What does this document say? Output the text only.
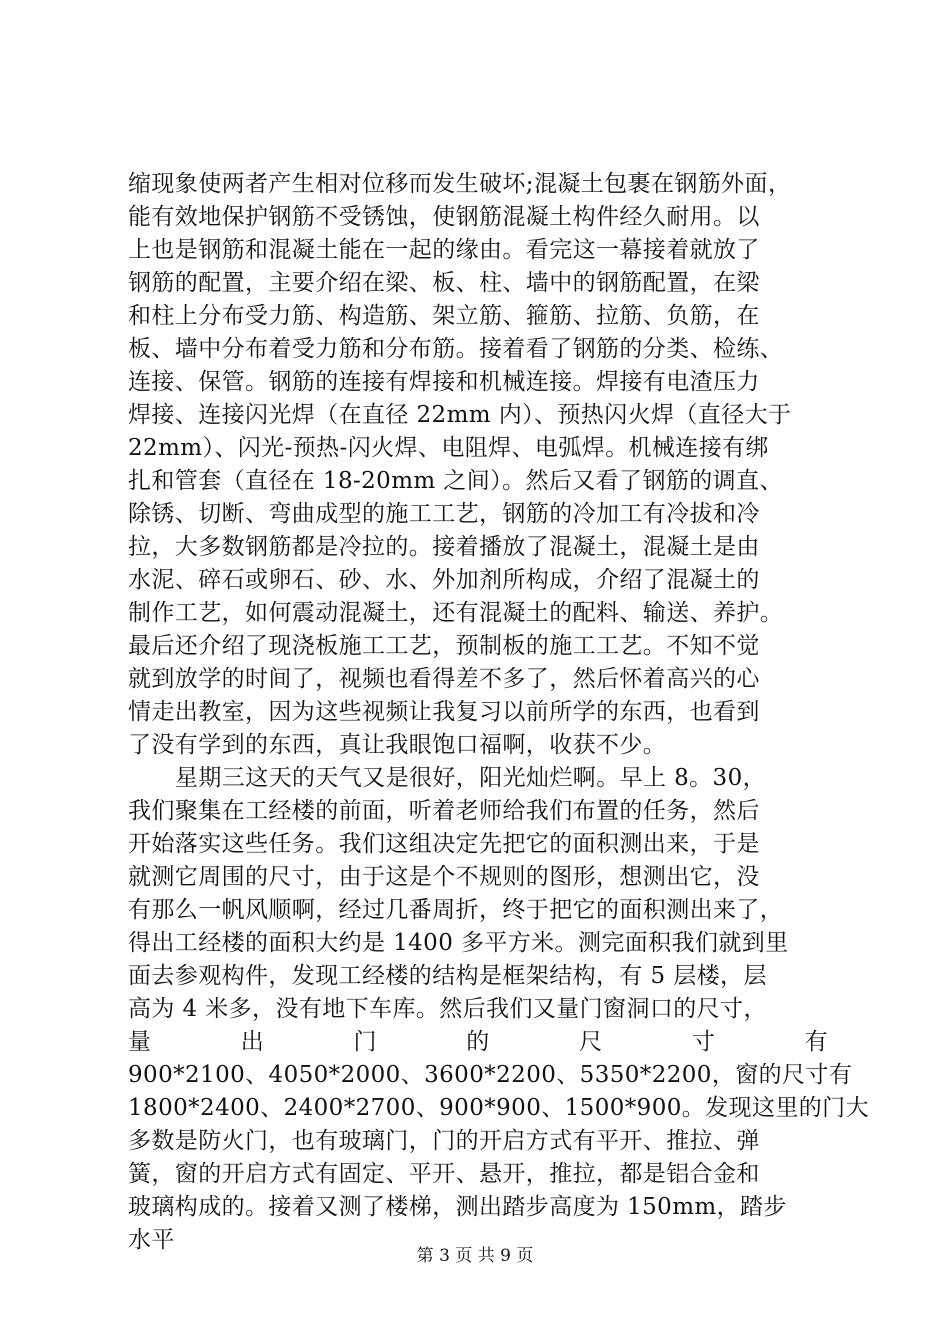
缩现象使两者产生相对位移而发生破坏;混凝土包裹在钢筋外面，
能有效地保护钢筋不受锈蚀，使钢筋混凝土构件经久耐用。以
上也是钢筋和混凝土能在一起的缘由。看完这一幕接着就放了
钢筋的配置，主要介绍在梁、板、柱、墙中的钢筋配置，在梁
和柱上分布受力筋、构造筋、架立筋、箍筋、拉筋、负筋，在
板、墙中分布着受力筋和分布筋。接着看了钢筋的分类、检练、
连接、保管。钢筋的连接有焊接和机械连接。焊接有电渣压力
焊接、连接闪光焊（在直径 22mm 内）、预热闪火焊（直径大于
22mm）、闪光-预热-闪火焊、电阻焊、电弧焊。机械连接有绑
扎和管套（直径在 18-20mm 之间）。然后又看了钢筋的调直、
除锈、切断、弯曲成型的施工工艺，钢筋的冷加工有冷拔和冷
拉，大多数钢筋都是冷拉的。接着播放了混凝土，混凝土是由
水泥、碎石或卵石、砂、水、外加剂所构成，介绍了混凝土的
制作工艺，如何震动混凝土，还有混凝土的配料、输送、养护。
最后还介绍了现浇板施工工艺，预制板的施工工艺。不知不觉
就到放学的时间了，视频也看得差不多了，然后怀着高兴的心
情走出教室，因为这些视频让我复习以前所学的东西，也看到
了没有学到的东西，真让我眼饱口福啊，收获不少。
星期三这天的天气又是很好，阳光灿烂啊。早上 8。30，
我们聚集在工经楼的前面，听着老师给我们布置的任务，然后
开始落实这些任务。我们这组决定先把它的面积测出来，于是
就测它周围的尺寸，由于这是个不规则的图形，想测出它，没
有那么一帆风顺啊，经过几番周折，终于把它的面积测出来了，
得出工经楼的面积大约是 1400 多平方米。测完面积我们就到里
面去参观构件，发现工经楼的结构是框架结构，有 5 层楼，层
高为 4 米多，没有地下车库。然后我们又量门窗洞口的尺寸，
量	出	门	的	尺	寸	有
900*2100、4050*2000、3600*2200、5350*2200，窗的尺寸有
1800*2400、2400*2700、900*900、1500*900。发现这里的门大
多数是防火门，也有玻璃门，门的开启方式有平开、推拉、弹
簧，窗的开启方式有固定、平开、悬开，推拉，都是铝合金和
玻璃构成的。接着又测了楼梯，测出踏步高度为 150mm，踏步
水平
第 3 页 共 9 页
